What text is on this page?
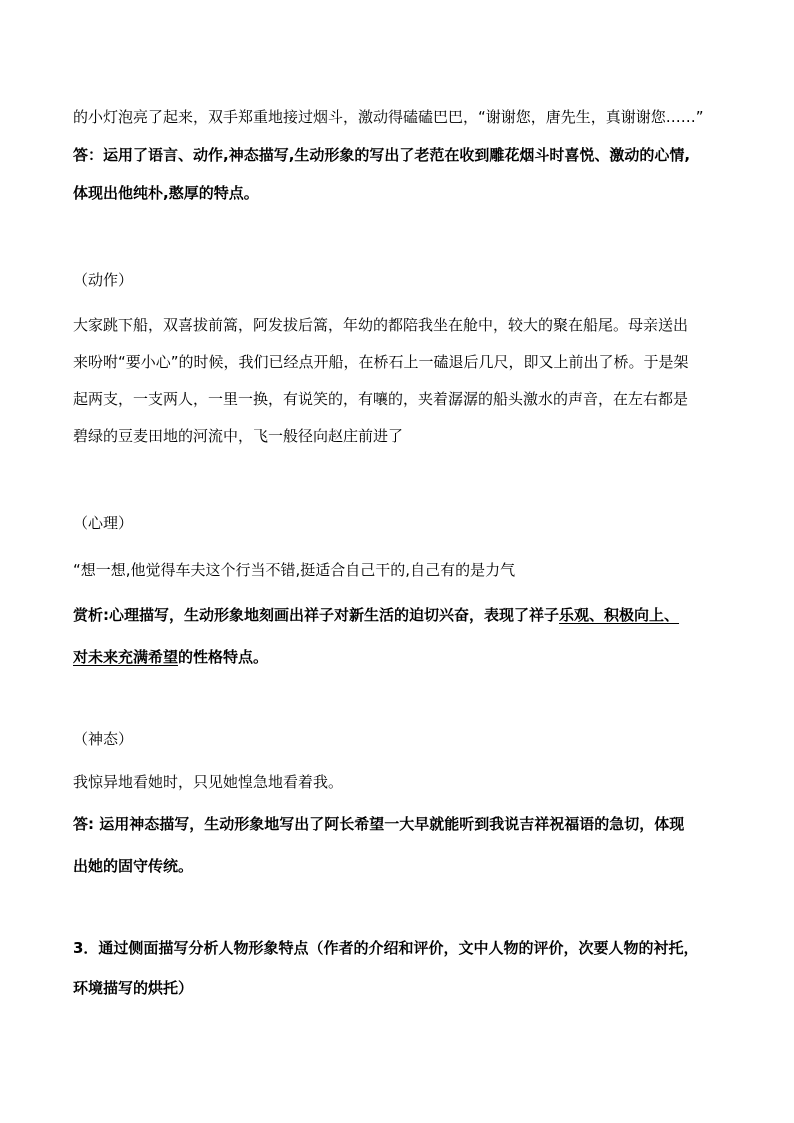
的小灯泡亮了起来，双手郑重地接过烟斗，激动得磕磕巴巴，“谢谢您，唐先生，真谢谢您……”
答：运用了语言、动作,神态描写,生动形象的写出了老范在收到雕花烟斗时喜悦、激动的心情,
体现出他纯朴,憨厚的特点。
（动作）
大家跳下船，双喜拔前篙，阿发拔后篙，年幼的都陪我坐在舱中，较大的聚在船尾。母亲送出
来吩咐“要小心”的时候，我们已经点开船，在桥石上一磕退后几尺，即又上前出了桥。于是架
起两支，一支两人，一里一换，有说笑的，有嚷的，夹着潺潺的船头激水的声音，在左右都是
碧绿的豆麦田地的河流中，飞一般径向赵庄前进了
（心理）
“想一想,他觉得车夫这个行当不错,挺适合自己干的,自己有的是力气
赏析:心理描写，生动形象地刻画出祥子对新生活的迫切兴奋，表现了祥子乐观、积极向上、
对未来充满希望的性格特点。
（神态）
我惊异地看她时，只见她惶急地看着我。
答: 运用神态描写，生动形象地写出了阿长希望一大早就能听到我说吉祥祝福语的急切，体现
出她的固守传统。
3．通过侧面描写分析人物形象特点（作者的介绍和评价，文中人物的评价，次要人物的衬托，
环境描写的烘托）
